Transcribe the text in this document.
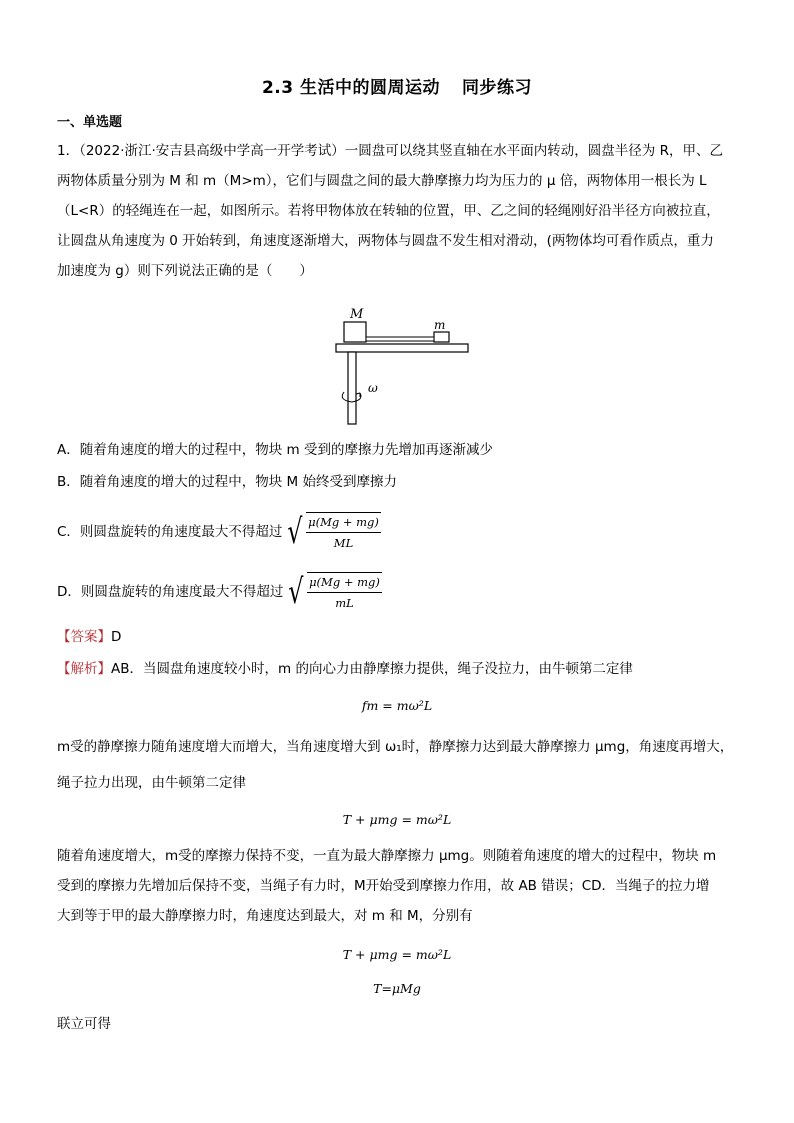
2.3 生活中的圆周运动 同步练习
一、单选题
1．（2022·浙江·安吉县高级中学高一开学考试）一圆盘可以绕其竖直轴在水平面内转动，圆盘半径为 R，甲、乙
两物体质量分别为 M 和 m（M>m），它们与圆盘之间的最大静摩擦力均为压力的 μ 倍，两物体用一根长为 L
（L<R）的轻绳连在一起，如图所示。若将甲物体放在转轴的位置，甲、乙之间的轻绳刚好沿半径方向被拉直，
让圆盘从角速度为 0 开始转到，角速度逐渐增大，两物体与圆盘不发生相对滑动，(两物体均可看作质点，重力
加速度为 g）则下列说法正确的是（　　）
M
m
ω
A．随着角速度的增大的过程中，物块 m 受到的摩擦力先增加再逐渐减少
B．随着角速度的增大的过程中，物块 M 始终受到摩擦力
C．则圆盘旋转的角速度最大不得超过 √ $\frac{\mu(Mg + mg)}{ML}$
D．则圆盘旋转的角速度最大不得超过 √ $\frac{\mu(Mg + mg)}{mL}$
【答案】D
【解析】AB．当圆盘角速度较小时，m 的向心力由静摩擦力提供，绳子没拉力，由牛顿第二定律
fm = mω²L
m受的静摩擦力随角速度增大而增大，当角速度增大到 ω₁时，静摩擦力达到最大静摩擦力 μmg，角速度再增大，
绳子拉力出现，由牛顿第二定律
T + μmg = mω²L
随着角速度增大，m受的摩擦力保持不变，一直为最大静摩擦力 μmg。则随着角速度的增大的过程中，物块 m
受到的摩擦力先增加后保持不变，当绳子有力时，M开始受到摩擦力作用，故 AB 错误；CD．当绳子的拉力增
大到等于甲的最大静摩擦力时，角速度达到最大，对 m 和 M，分别有
T + μmg = mω²L
T=μMg
联立可得
